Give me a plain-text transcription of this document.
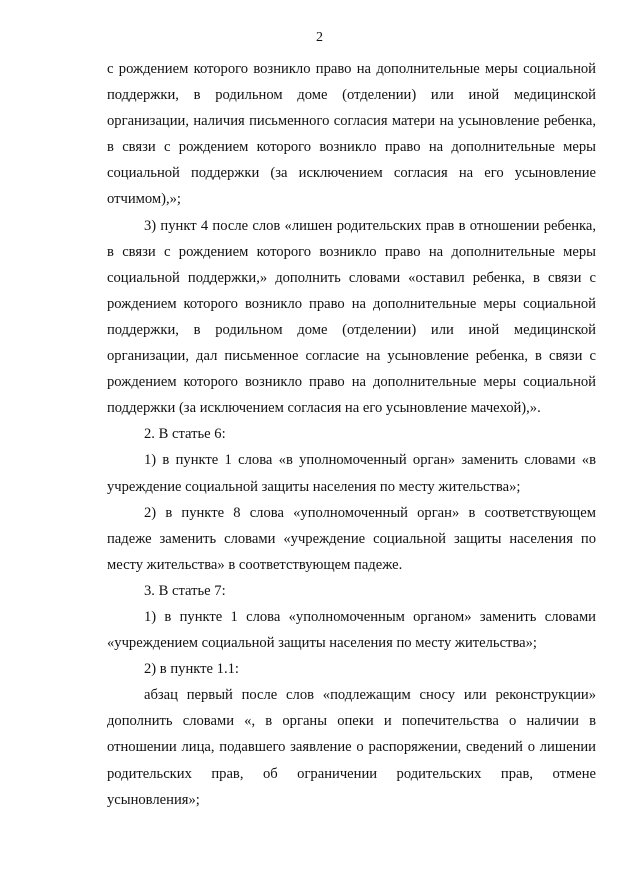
2

с рождением которого возникло право на дополнительные меры социальной поддержки, в родильном доме (отделении) или иной медицинской организации, наличия письменного согласия матери на усыновление ребенка, в связи с рождением которого возникло право на дополнительные меры социальной поддержки (за исключением согласия на его усыновление отчимом),»;

3) пункт 4 после слов «лишен родительских прав в отношении ребенка, в связи с рождением которого возникло право на дополнительные меры социальной поддержки,» дополнить словами «оставил ребенка, в связи с рождением которого возникло право на дополнительные меры социальной поддержки, в родильном доме (отделении) или иной медицинской организации, дал письменное согласие на усыновление ребенка, в связи с рождением которого возникло право на дополнительные меры социальной поддержки (за исключением согласия на его усыновление мачехой),».

2. В статье 6:

1) в пункте 1 слова «в уполномоченный орган» заменить словами «в учреждение социальной защиты населения по месту жительства»;

2) в пункте 8 слова «уполномоченный орган» в соответствующем падеже заменить словами «учреждение социальной защиты населения по месту жительства» в соответствующем падеже.

3. В статье 7:

1) в пункте 1 слова «уполномоченным органом» заменить словами «учреждением социальной защиты населения по месту жительства»;

2) в пункте 1.1:

абзац первый после слов «подлежащим сносу или реконструкции» дополнить словами «, в органы опеки и попечительства о наличии в отношении лица, подавшего заявление о распоряжении, сведений о лишении родительских прав, об ограничении родительских прав, отмене усыновления»;
